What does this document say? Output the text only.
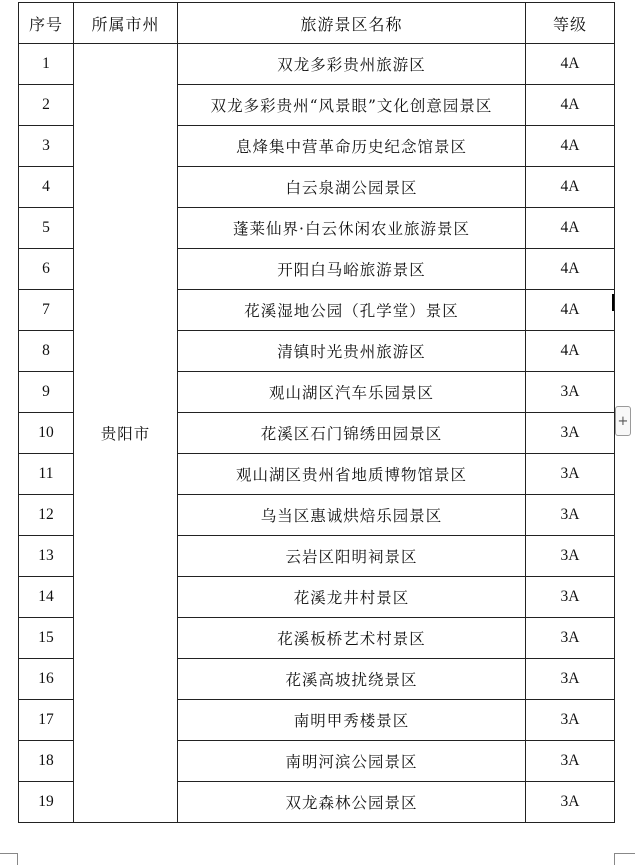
序号	所属市州	旅游景区名称	等级
1	贵阳市	双龙多彩贵州旅游区	4A
2		双龙多彩贵州“风景眼”文化创意园景区	4A
3		息烽集中营革命历史纪念馆景区	4A
4		白云泉湖公园景区	4A
5		蓬莱仙界·白云休闲农业旅游景区	4A
6		开阳白马峪旅游景区	4A
7		花溪湿地公园（孔学堂）景区	4A
8		清镇时光贵州旅游区	4A
9		观山湖区汽车乐园景区	3A
10		花溪区石门锦绣田园景区	3A
11		观山湖区贵州省地质博物馆景区	3A
12		乌当区惠诚烘焙乐园景区	3A
13		云岩区阳明祠景区	3A
14		花溪龙井村景区	3A
15		花溪板桥艺术村景区	3A
16		花溪高坡扰绕景区	3A
17		南明甲秀楼景区	3A
18		南明河滨公园景区	3A
19		双龙森林公园景区	3A
+
